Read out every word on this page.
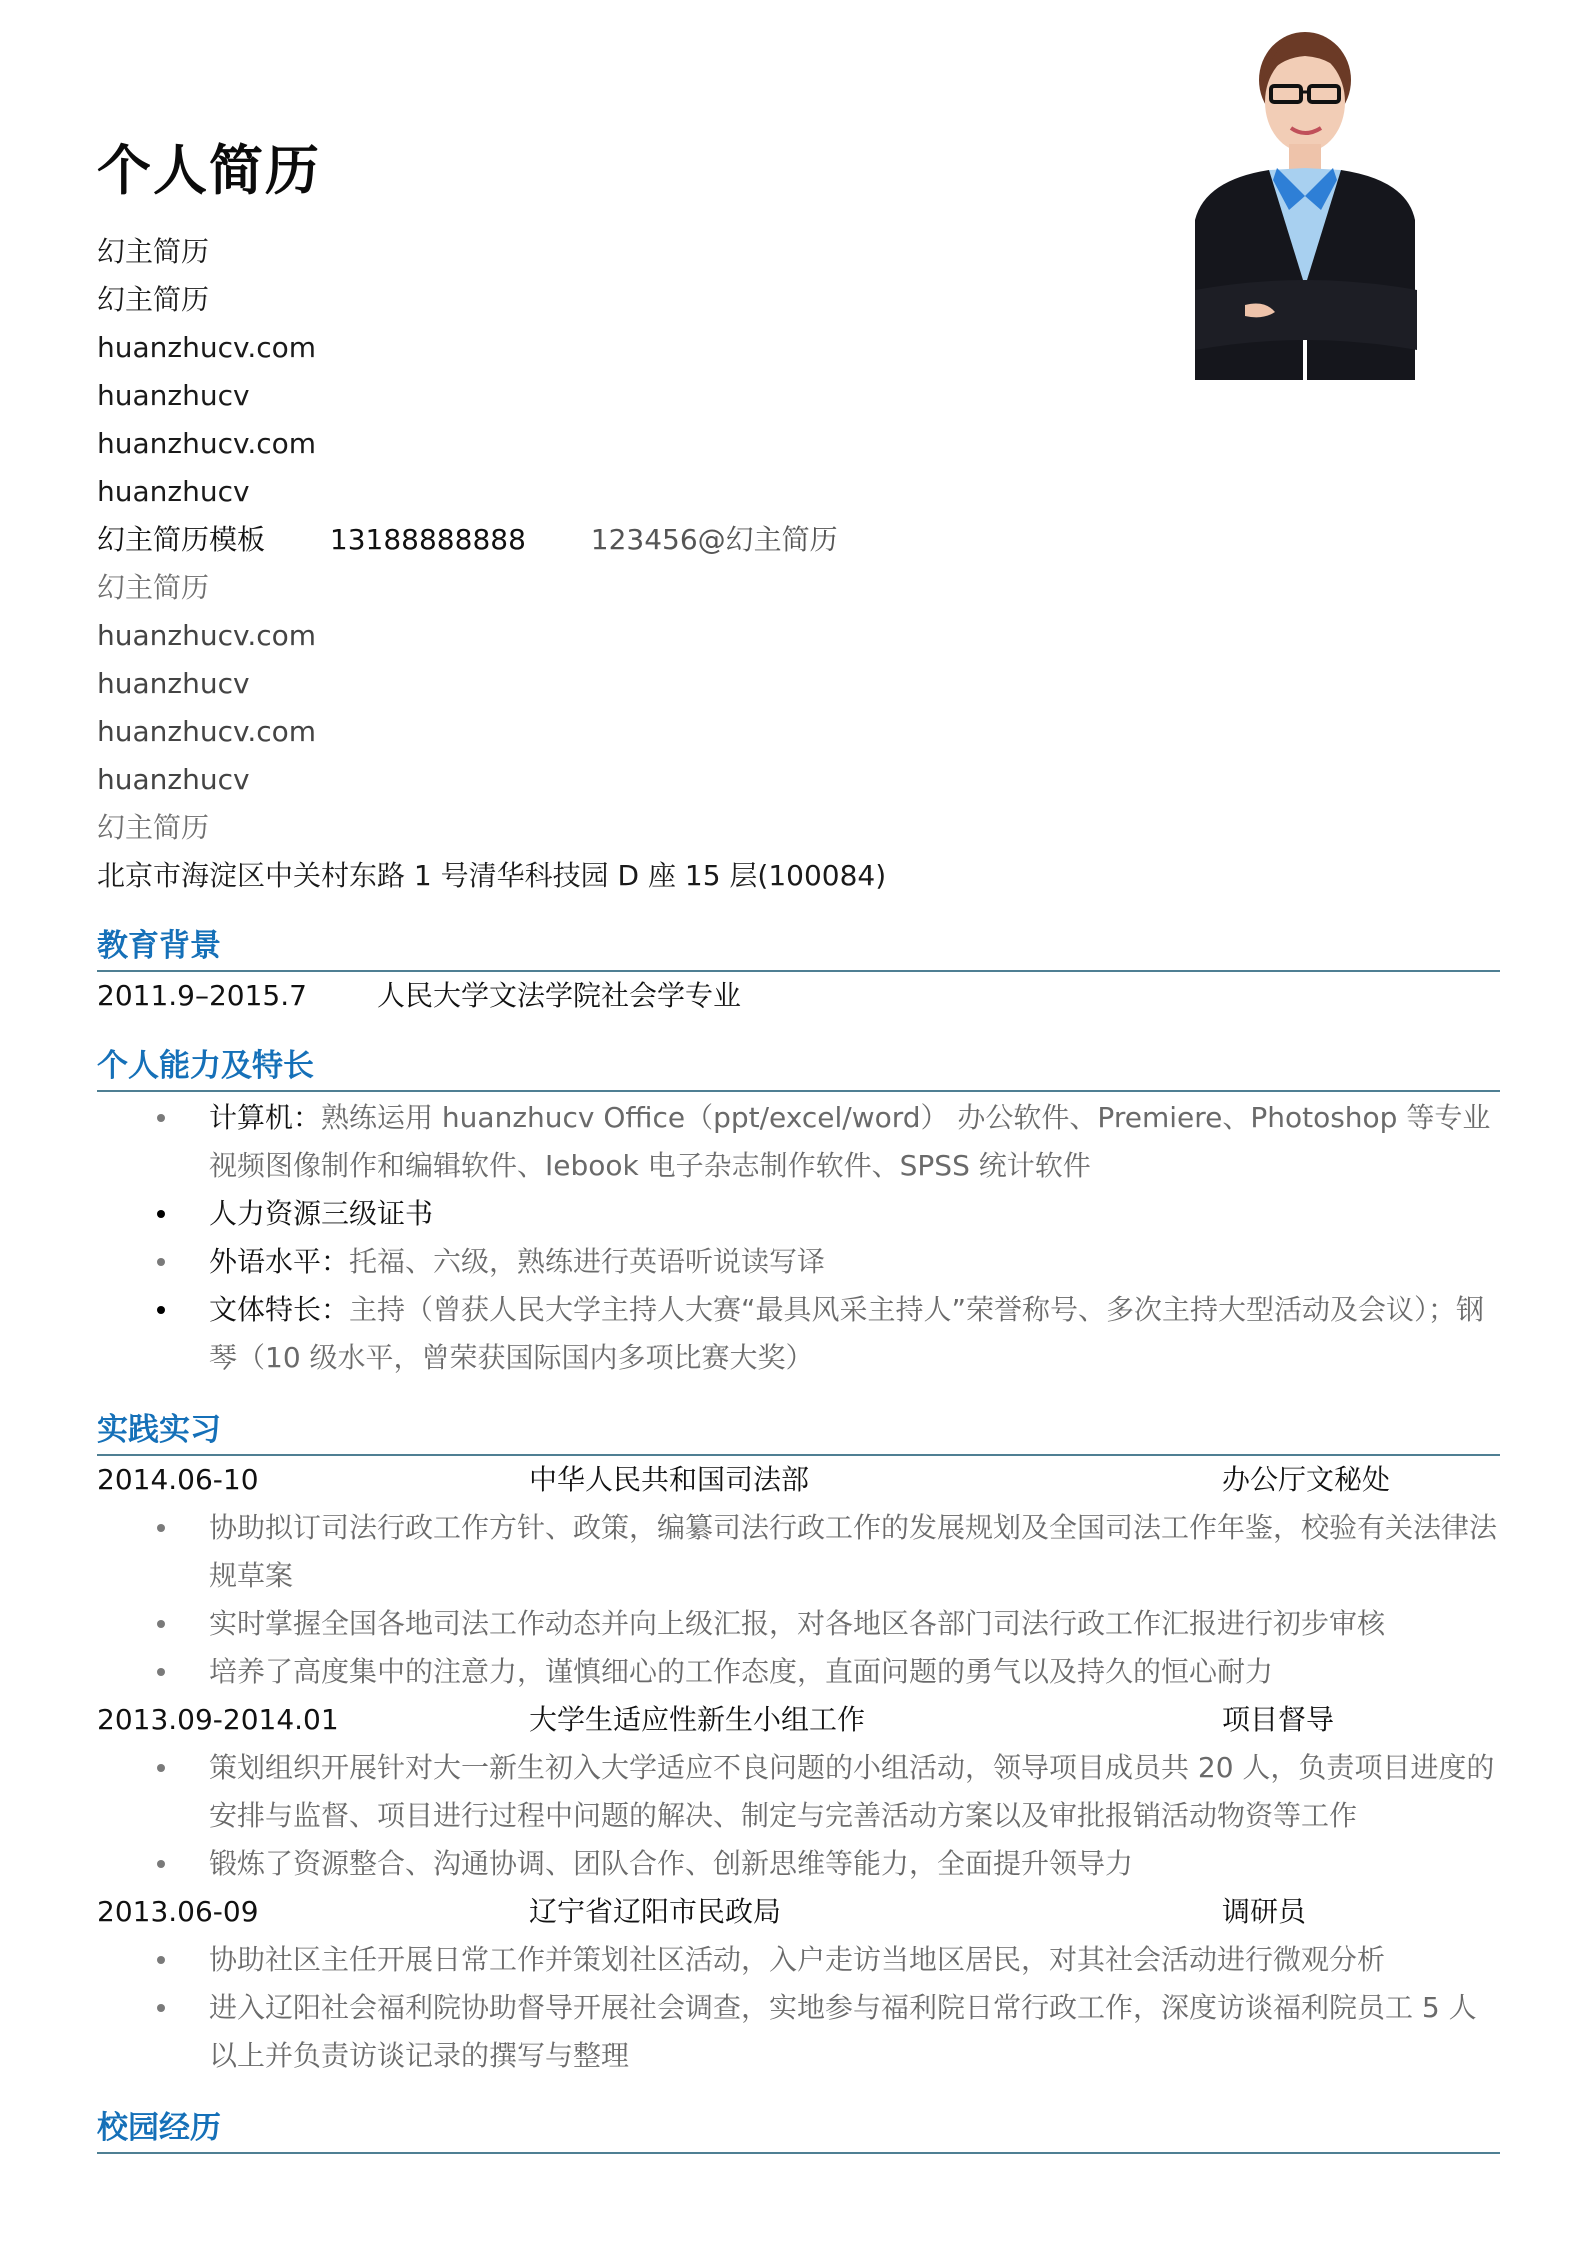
个人简历
幻主简历
幻主简历
huanzhucv.com
huanzhucv
huanzhucv.com
huanzhucv
幻主简历模板 13188888888 123456@幻主简历
幻主简历
huanzhucv.com
huanzhucv
huanzhucv.com
huanzhucv
幻主简历
北京市海淀区中关村东路 1 号清华科技园 D 座 15 层(100084)
教育背景
2011.9–2015.7	人民大学文法学院社会学专业
个人能力及特长
计算机：熟练运用 huanzhucv Office（ppt/excel/word） 办公软件、Premiere、Photoshop 等专业视频图像制作和编辑软件、Iebook 电子杂志制作软件、SPSS 统计软件
人力资源三级证书
外语水平：托福、六级，熟练进行英语听说读写译
文体特长：主持（曾获人民大学主持人大赛“最具风采主持人”荣誉称号、多次主持大型活动及会议）；钢琴（10 级水平，曾荣获国际国内多项比赛大奖）
实践实习
2014.06-10	中华人民共和国司法部	办公厅文秘处
协助拟订司法行政工作方针、政策，编纂司法行政工作的发展规划及全国司法工作年鉴，校验有关法律法规草案
实时掌握全国各地司法工作动态并向上级汇报，对各地区各部门司法行政工作汇报进行初步审核
培养了高度集中的注意力，谨慎细心的工作态度，直面问题的勇气以及持久的恒心耐力
2013.09-2014.01	大学生适应性新生小组工作	项目督导
策划组织开展针对大一新生初入大学适应不良问题的小组活动，领导项目成员共 20 人，负责项目进度的安排与监督、项目进行过程中问题的解决、制定与完善活动方案以及审批报销活动物资等工作
锻炼了资源整合、沟通协调、团队合作、创新思维等能力，全面提升领导力
2013.06-09	辽宁省辽阳市民政局	调研员
协助社区主任开展日常工作并策划社区活动，入户走访当地区居民，对其社会活动进行微观分析
进入辽阳社会福利院协助督导开展社会调查，实地参与福利院日常行政工作，深度访谈福利院员工 5 人以上并负责访谈记录的撰写与整理
校园经历
